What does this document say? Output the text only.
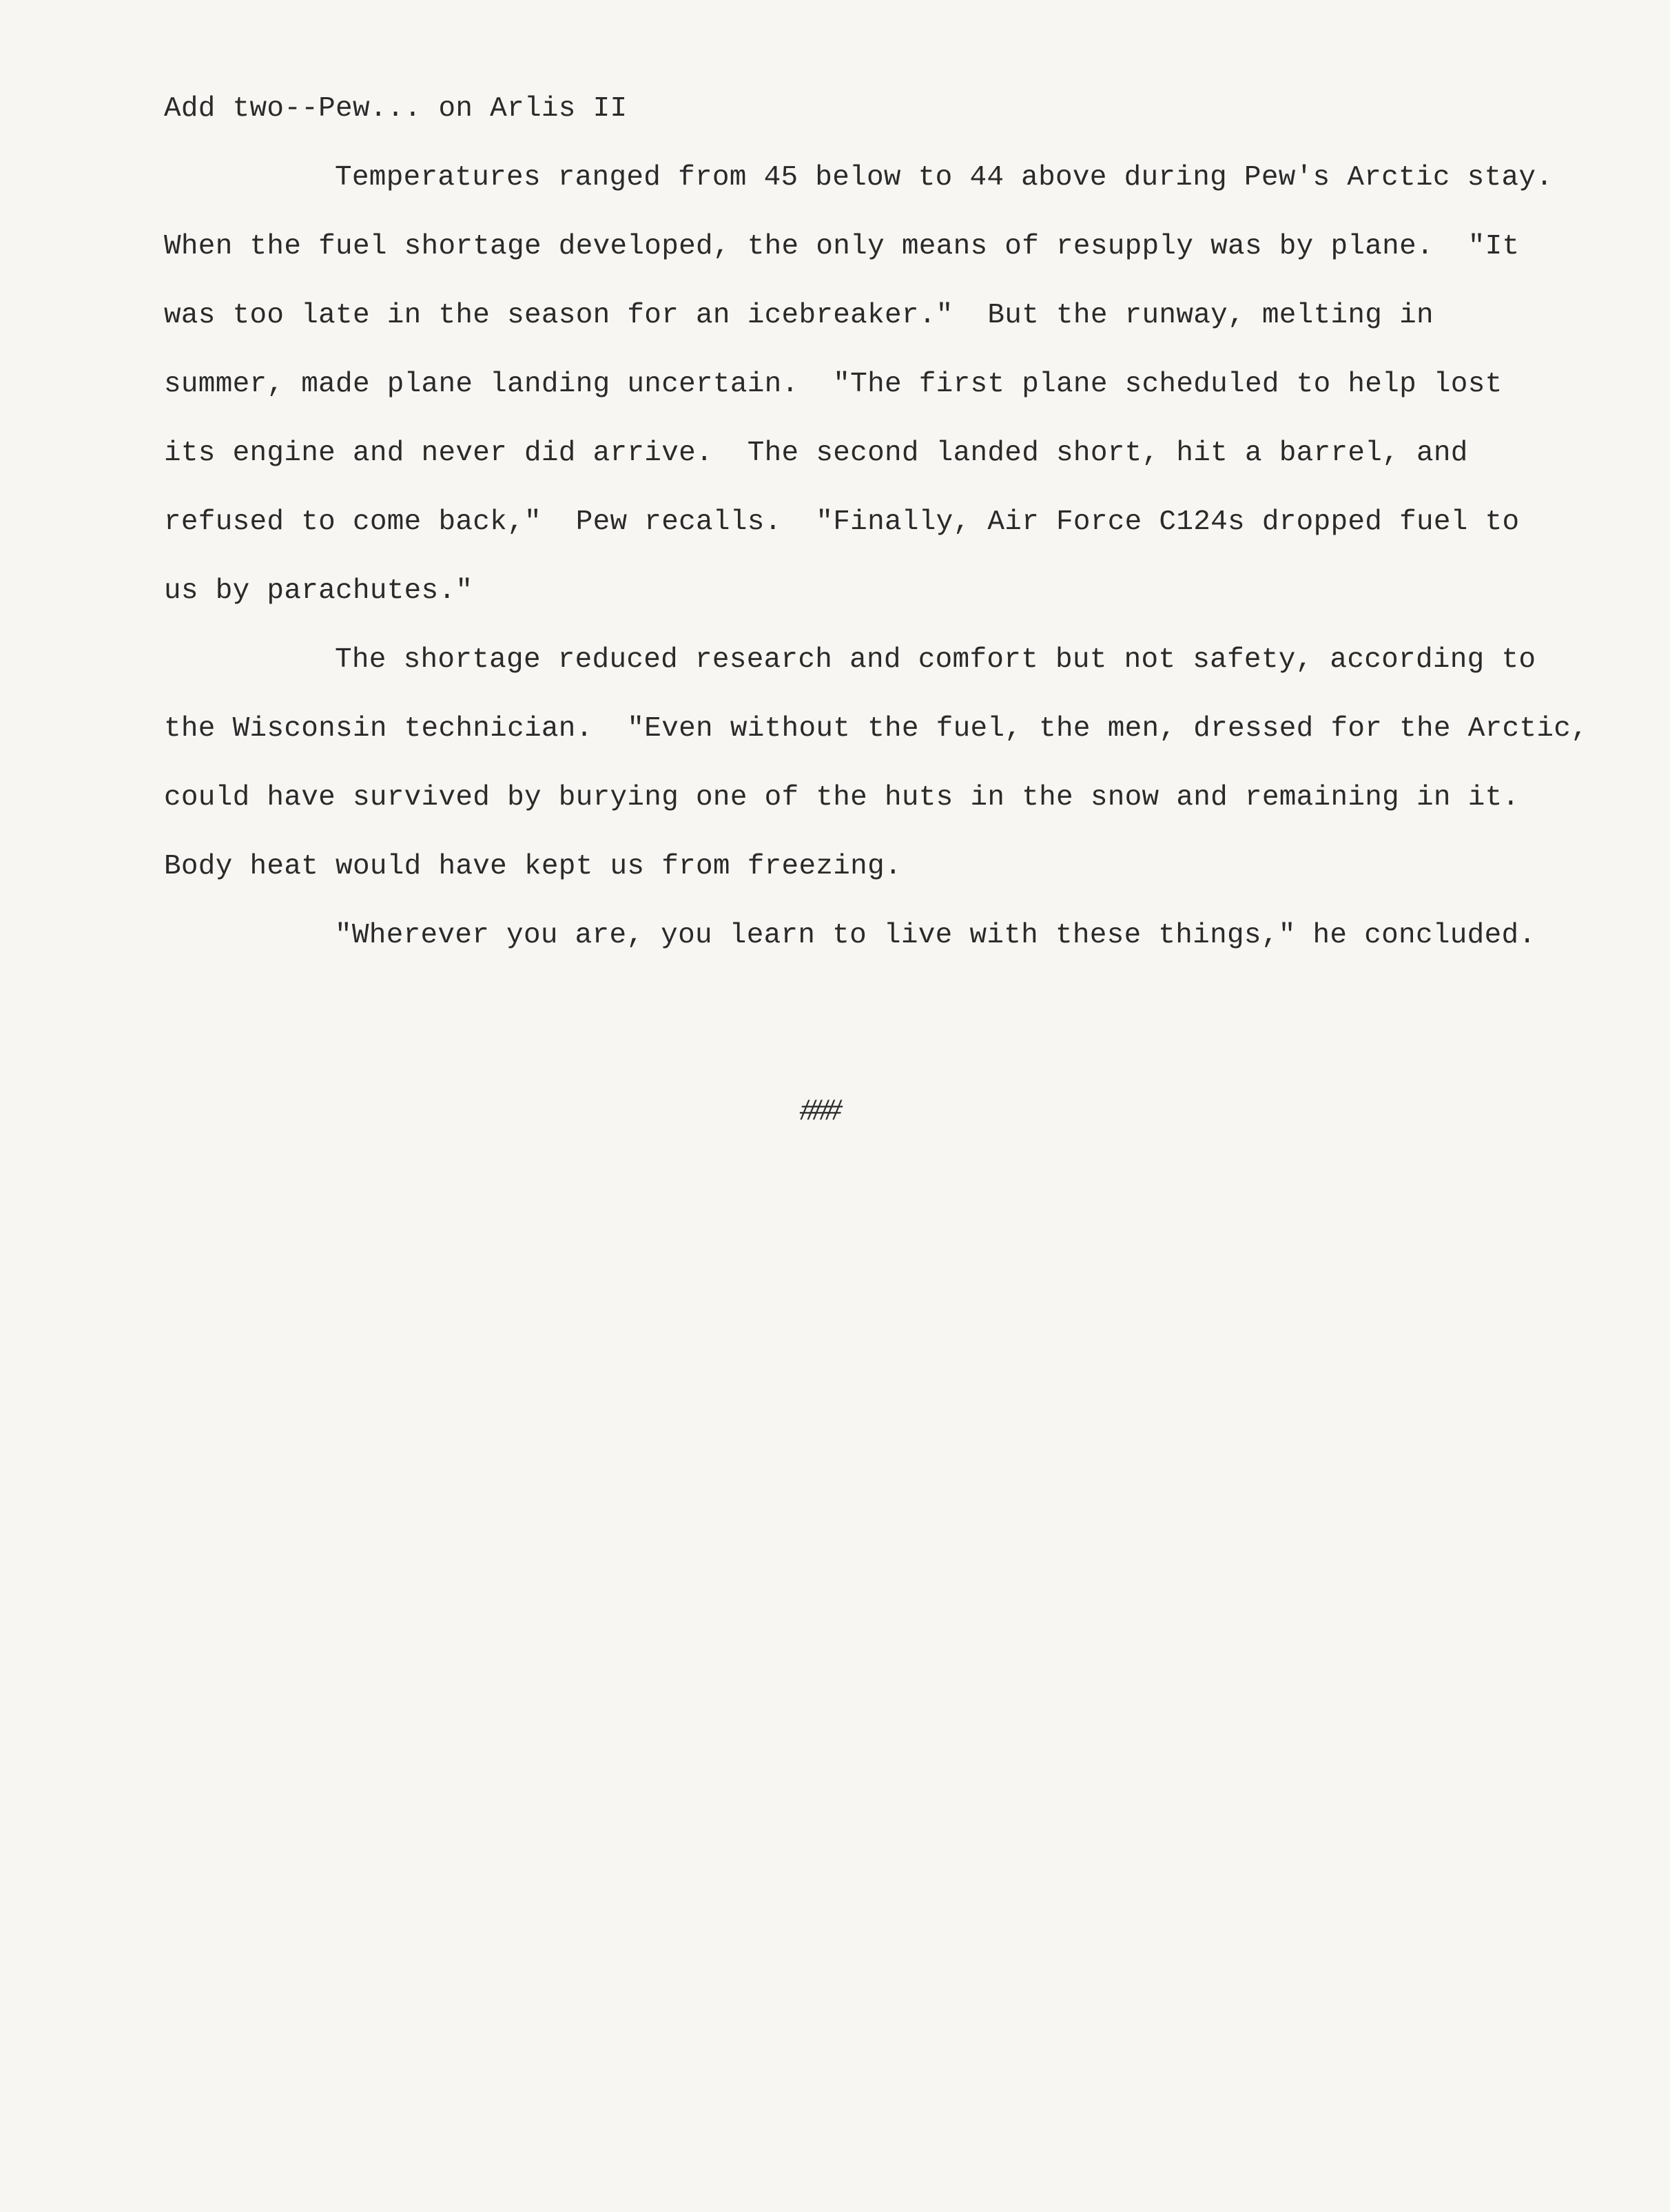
Add two--Pew... on Arlis II
Temperatures ranged from 45 below to 44 above during Pew's Arctic stay.
When the fuel shortage developed, the only means of resupply was by plane.  "It
was too late in the season for an icebreaker."  But the runway, melting in
summer, made plane landing uncertain.  "The first plane scheduled to help lost
its engine and never did arrive.  The second landed short, hit a barrel, and
refused to come back,"  Pew recalls.  "Finally, Air Force C124s dropped fuel to
us by parachutes."
The shortage reduced research and comfort but not safety, according to
the Wisconsin technician.  "Even without the fuel, the men, dressed for the Arctic,
could have survived by burying one of the huts in the snow and remaining in it.
Body heat would have kept us from freezing.
"Wherever you are, you learn to live with these things," he concluded.
###
